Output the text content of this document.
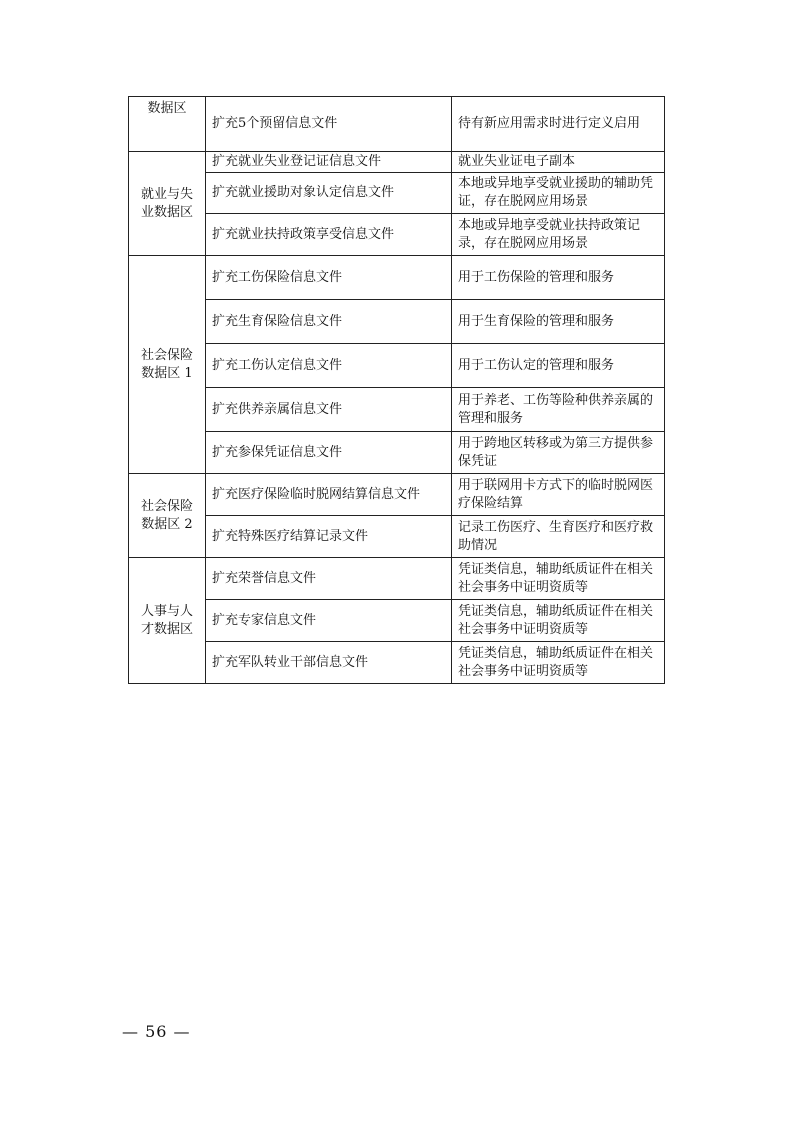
数据区	扩充5个预留信息文件	待有新应用需求时进行定义启用
就业与失业数据区	扩充就业失业登记证信息文件	就业失业证电子副本
	扩充就业援助对象认定信息文件	本地或异地享受就业援助的辅助凭证，存在脱网应用场景
	扩充就业扶持政策享受信息文件	本地或异地享受就业扶持政策记录，存在脱网应用场景
社会保险数据区 1	扩充工伤保险信息文件	用于工伤保险的管理和服务
	扩充生育保险信息文件	用于生育保险的管理和服务
	扩充工伤认定信息文件	用于工伤认定的管理和服务
	扩充供养亲属信息文件	用于养老、工伤等险种供养亲属的管理和服务
	扩充参保凭证信息文件	用于跨地区转移或为第三方提供参保凭证
社会保险数据区 2	扩充医疗保险临时脱网结算信息文件	用于联网用卡方式下的临时脱网医疗保险结算
	扩充特殊医疗结算记录文件	记录工伤医疗、生育医疗和医疗救助情况
人事与人才数据区	扩充荣誉信息文件	凭证类信息，辅助纸质证件在相关社会事务中证明资质等
	扩充专家信息文件	凭证类信息，辅助纸质证件在相关社会事务中证明资质等
	扩充军队转业干部信息文件	凭证类信息，辅助纸质证件在相关社会事务中证明资质等
— 56 —
